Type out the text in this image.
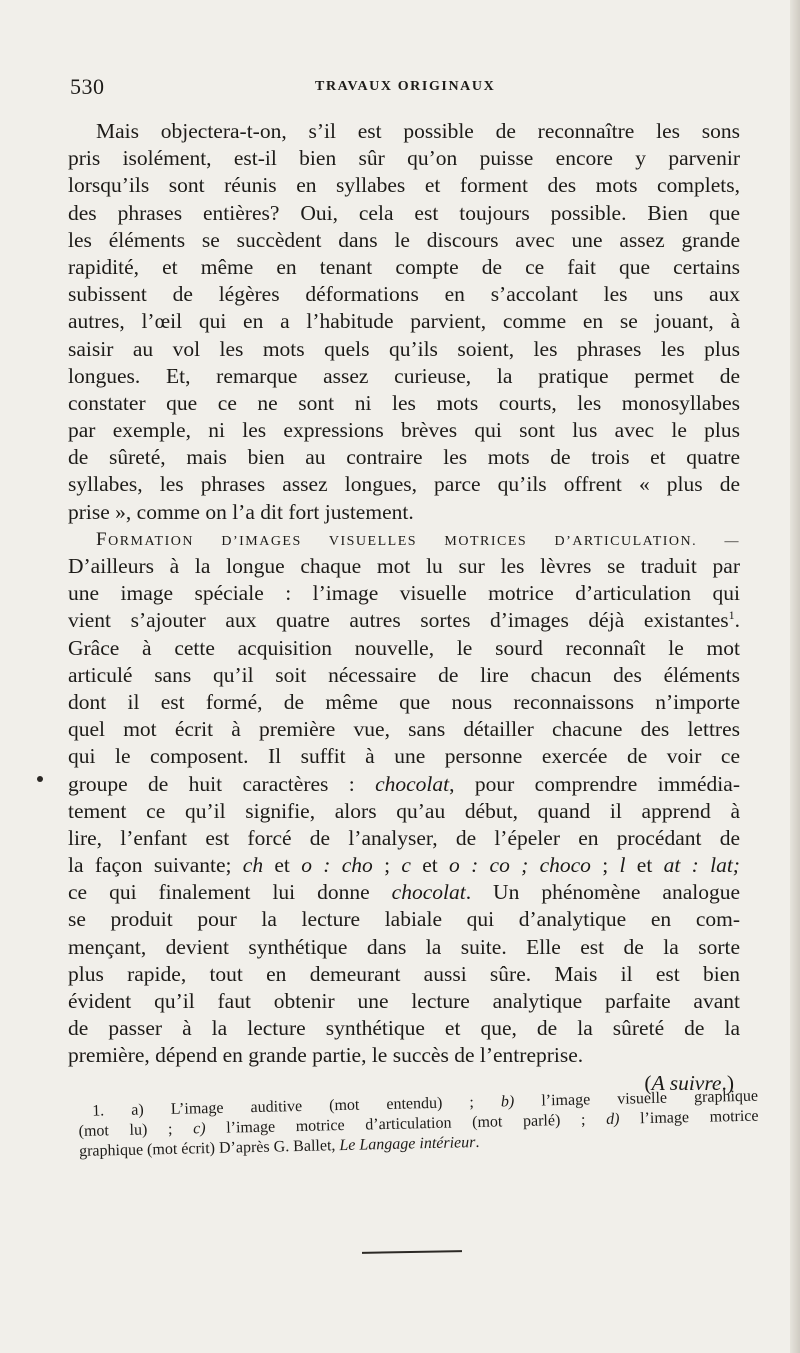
530	TRAVAUX ORIGINAUX
Mais objectera-t-on, s’il est possible de reconnaître les sons
pris isolément, est-il bien sûr qu’on puisse encore y parvenir
lorsqu’ils sont réunis en syllabes et forment des mots complets,
des phrases entières? Oui, cela est toujours possible. Bien que
les éléments se succèdent dans le discours avec une assez grande
rapidité, et même en tenant compte de ce fait que certains
subissent de légères déformations en s’accolant les uns aux
autres, l’œil qui en a l’habitude parvient, comme en se jouant, à
saisir au vol les mots quels qu’ils soient, les phrases les plus
longues. Et, remarque assez curieuse, la pratique permet de
constater que ce ne sont ni les mots courts, les monosyllabes
par exemple, ni les expressions brèves qui sont lus avec le plus
de sûreté, mais bien au contraire les mots de trois et quatre
syllabes, les phrases assez longues, parce qu’ils offrent « plus de
prise », comme on l’a dit fort justement.
FORMATION D’IMAGES VISUELLES MOTRICES D’ARTICULATION. —
D’ailleurs à la longue chaque mot lu sur les lèvres se traduit par
une image spéciale : l’image visuelle motrice d’articulation qui
vient s’ajouter aux quatre autres sortes d’images déjà existantes$^1$.
Grâce à cette acquisition nouvelle, le sourd reconnaît le mot
articulé sans qu’il soit nécessaire de lire chacun des éléments
dont il est formé, de même que nous reconnaissons n’importe
quel mot écrit à première vue, sans détailler chacune des lettres
qui le composent. Il suffit à une personne exercée de voir ce
groupe de huit caractères : chocolat, pour comprendre immédia-
tement ce qu’il signifie, alors qu’au début, quand il apprend à
lire, l’enfant est forcé de l’analyser, de l’épeler en procédant de
la façon suivante; ch et o : cho ; c et o : co ; choco ; l et at : lat;
ce qui finalement lui donne chocolat. Un phénomène analogue
se produit pour la lecture labiale qui d’analytique en com-
mençant, devient synthétique dans la suite. Elle est de la sorte
plus rapide, tout en demeurant aussi sûre. Mais il est bien
évident qu’il faut obtenir une lecture analytique parfaite avant
de passer à la lecture synthétique et que, de la sûreté de la
première, dépend en grande partie, le succès de l’entreprise.
(A suivre.)
1. a) L’image auditive (mot entendu) ; b) l’image visuelle graphique
(mot lu) ; c) l’image motrice d’articulation (mot parlé) ; d) l’image motrice
graphique (mot écrit) D’après G. Ballet, Le Langage intérieur.
